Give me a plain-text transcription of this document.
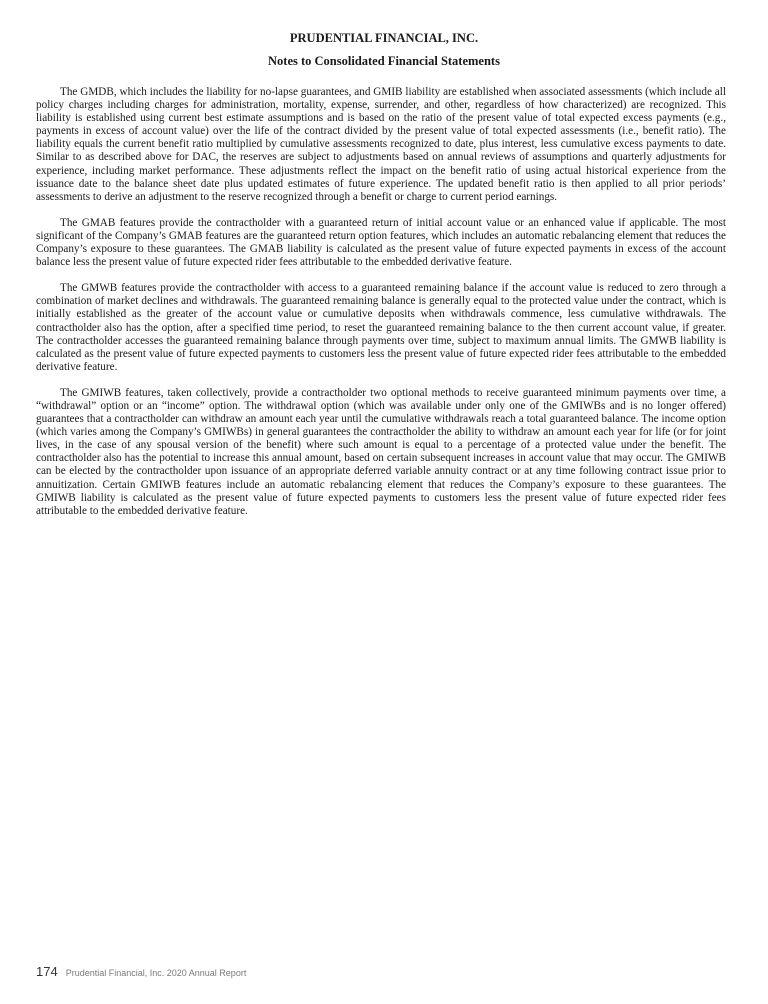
PRUDENTIAL FINANCIAL, INC.

Notes to Consolidated Financial Statements

The GMDB, which includes the liability for no-lapse guarantees, and GMIB liability are established when associated assessments (which include all policy charges including charges for administration, mortality, expense, surrender, and other, regardless of how characterized) are recognized. This liability is established using current best estimate assumptions and is based on the ratio of the present value of total expected excess payments (e.g., payments in excess of account value) over the life of the contract divided by the present value of total expected assessments (i.e., benefit ratio). The liability equals the current benefit ratio multiplied by cumulative assessments recognized to date, plus interest, less cumulative excess payments to date. Similar to as described above for DAC, the reserves are subject to adjustments based on annual reviews of assumptions and quarterly adjustments for experience, including market performance. These adjustments reflect the impact on the benefit ratio of using actual historical experience from the issuance date to the balance sheet date plus updated estimates of future experience. The updated benefit ratio is then applied to all prior periods’ assessments to derive an adjustment to the reserve recognized through a benefit or charge to current period earnings.

The GMAB features provide the contractholder with a guaranteed return of initial account value or an enhanced value if applicable. The most significant of the Company’s GMAB features are the guaranteed return option features, which includes an automatic rebalancing element that reduces the Company’s exposure to these guarantees. The GMAB liability is calculated as the present value of future expected payments in excess of the account balance less the present value of future expected rider fees attributable to the embedded derivative feature.

The GMWB features provide the contractholder with access to a guaranteed remaining balance if the account value is reduced to zero through a combination of market declines and withdrawals. The guaranteed remaining balance is generally equal to the protected value under the contract, which is initially established as the greater of the account value or cumulative deposits when withdrawals commence, less cumulative withdrawals. The contractholder also has the option, after a specified time period, to reset the guaranteed remaining balance to the then current account value, if greater. The contractholder accesses the guaranteed remaining balance through payments over time, subject to maximum annual limits. The GMWB liability is calculated as the present value of future expected payments to customers less the present value of future expected rider fees attributable to the embedded derivative feature.

The GMIWB features, taken collectively, provide a contractholder two optional methods to receive guaranteed minimum payments over time, a “withdrawal” option or an “income” option. The withdrawal option (which was available under only one of the GMIWBs and is no longer offered) guarantees that a contractholder can withdraw an amount each year until the cumulative withdrawals reach a total guaranteed balance. The income option (which varies among the Company’s GMIWBs) in general guarantees the contractholder the ability to withdraw an amount each year for life (or for joint lives, in the case of any spousal version of the benefit) where such amount is equal to a percentage of a protected value under the benefit. The contractholder also has the potential to increase this annual amount, based on certain subsequent increases in account value that may occur. The GMIWB can be elected by the contractholder upon issuance of an appropriate deferred variable annuity contract or at any time following contract issue prior to annuitization. Certain GMIWB features include an automatic rebalancing element that reduces the Company’s exposure to these guarantees. The GMIWB liability is calculated as the present value of future expected payments to customers less the present value of future expected rider fees attributable to the embedded derivative feature.

174 Prudential Financial, Inc. 2020 Annual Report
